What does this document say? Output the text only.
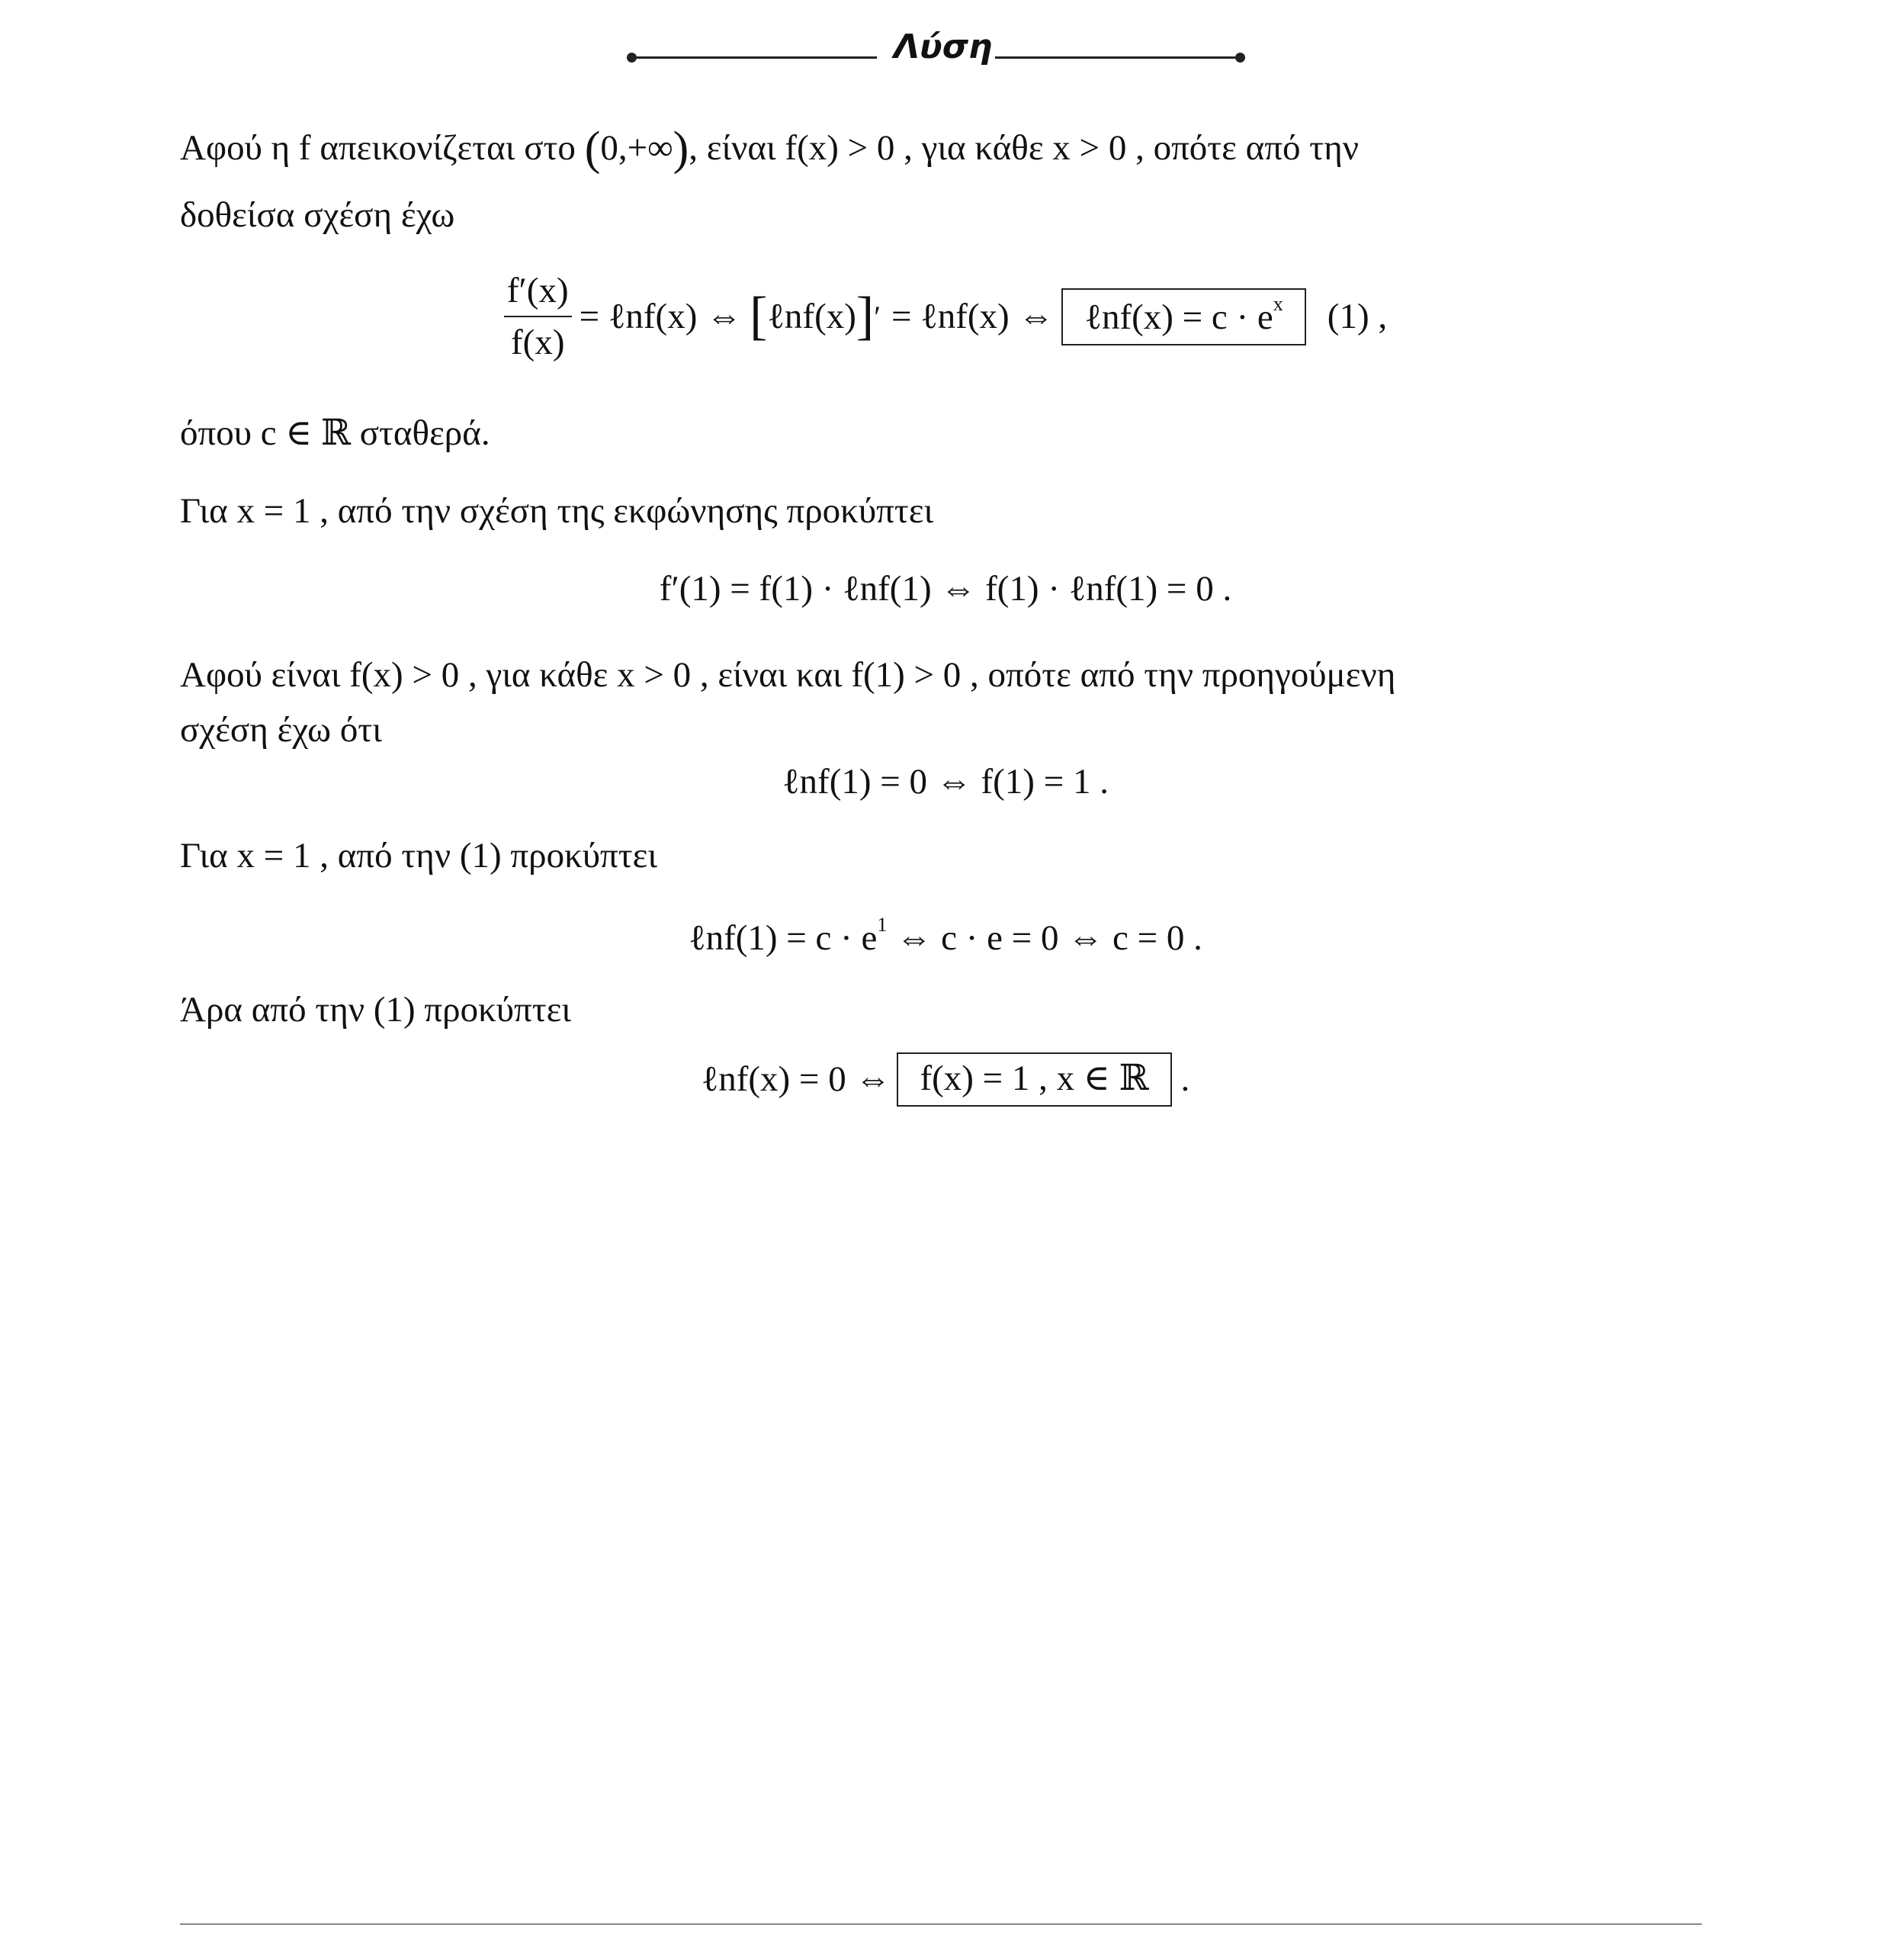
Λύση
Αφού η f απεικονίζεται στο (0,+∞), είναι f(x) > 0 , για κάθε x > 0 , οπότε από την
δοθείσα σχέση έχω
$\frac{f'(x)}{f(x)}$ = ℓnf(x) ⇔ [ ℓnf(x) ] ′ = ℓnf(x) ⇔ ℓnf(x) = $c \cdot e^x$	(1) ,
όπου c ∈ ℝ σταθερά.
Για x = 1 , από την σχέση της εκφώνησης προκύπτει
f′(1) = f(1) · ℓnf(1) ⇔ f(1) · ℓnf(1) = 0 .
Αφού είναι f(x) > 0 , για κάθε x > 0 , είναι και f(1) > 0 , οπότε από την προηγούμενη
σχέση έχω ότι
ℓnf(1) = 0 ⇔ f(1) = 1 .
Για x = 1 , από την (1) προκύπτει
ℓnf(1) = $c \cdot e^1$ ⇔ c · e = 0 ⇔ c = 0 .
Άρα από την (1) προκύπτει
ℓnf(x) = 0 ⇔ f(x) = 1 , x ∈ ℝ .
